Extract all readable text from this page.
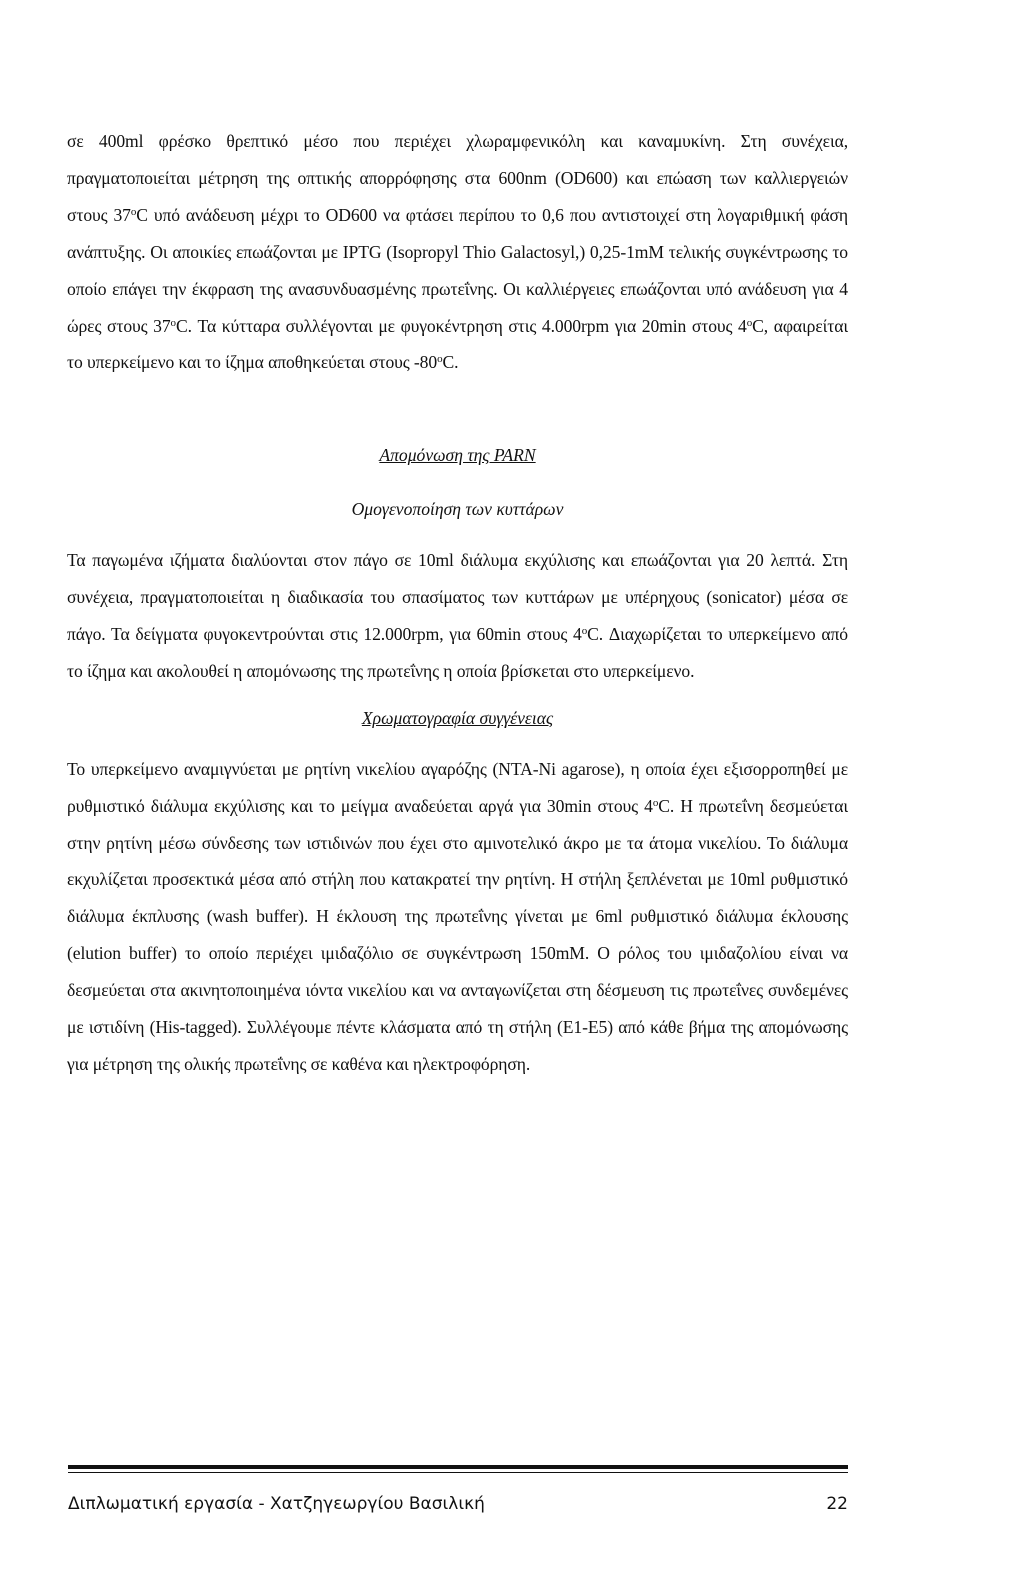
σε 400ml φρέσκο θρεπτικό μέσο που περιέχει χλωραμφενικόλη και καναμυκίνη. Στη συνέχεια, πραγματοποιείται μέτρηση της οπτικής απορρόφησης στα 600nm (OD600) και επώαση των καλλιεργειών στους 37$^o$C υπό ανάδευση μέχρι το OD600 να φτάσει περίπου το 0,6 που αντιστοιχεί στη λογαριθμική φάση ανάπτυξης. Οι αποικίες επωάζονται με IPTG (Isopropyl Thio Galactosyl,) 0,25-1mM τελικής συγκέντρωσης το οποίο επάγει την έκφραση της ανασυνδυασμένης πρωτεΐνης. Οι καλλιέργειες επωάζονται υπό ανάδευση για 4 ώρες στους 37$^o$C. Τα κύτταρα συλλέγονται με φυγοκέντρηση στις 4.000rpm για 20min στους 4$^o$C, αφαιρείται το υπερκείμενο και το ίζημα αποθηκεύεται στους -80$^o$C.

Απομόνωση της PARN
Ομογενοποίηση των κυττάρων

Τα παγωμένα ιζήματα διαλύονται στον πάγο σε 10ml διάλυμα εκχύλισης και επωάζονται για 20 λεπτά. Στη συνέχεια, πραγματοποιείται η διαδικασία του σπασίματος των κυττάρων με υπέρηχους (sonicator) μέσα σε πάγο. Τα δείγματα φυγοκεντρούνται στις 12.000rpm, για 60min στους 4$^o$C. Διαχωρίζεται το υπερκείμενο από το ίζημα και ακολουθεί η απομόνωσης της πρωτεΐνης η οποία βρίσκεται στο υπερκείμενο.

Χρωματογραφία συγγένειας

Το υπερκείμενο αναμιγνύεται με ρητίνη νικελίου αγαρόζης (NTA-Ni agarose), η οποία έχει εξισορροπηθεί με ρυθμιστικό διάλυμα εκχύλισης και το μείγμα αναδεύεται αργά για 30min στους 4$^o$C. Η πρωτεΐνη δεσμεύεται στην ρητίνη μέσω σύνδεσης των ιστιδινών που έχει στο αμινοτελικό άκρο με τα άτομα νικελίου. Το διάλυμα εκχυλίζεται προσεκτικά μέσα από στήλη που κατακρατεί την ρητίνη. Η στήλη ξεπλένεται με 10ml ρυθμιστικό διάλυμα έκπλυσης (wash buffer). Η έκλουση της πρωτεΐνης γίνεται με 6ml ρυθμιστικό διάλυμα έκλουσης (elution buffer) το οποίο περιέχει ιμιδαζόλιο σε συγκέντρωση 150mM. Ο ρόλος του ιμιδαζολίου είναι να δεσμεύεται στα ακινητοποιημένα ιόντα νικελίου και να ανταγωνίζεται στη δέσμευση τις πρωτεΐνες συνδεμένες με ιστιδίνη (His-tagged). Συλλέγουμε πέντε κλάσματα από τη στήλη (E1-E5) από κάθε βήμα της απομόνωσης για μέτρηση της ολικής πρωτεΐνης σε καθένα και ηλεκτροφόρηση.

Διπλωματική εργασία - Χατζηγεωργίου Βασιλική	22
